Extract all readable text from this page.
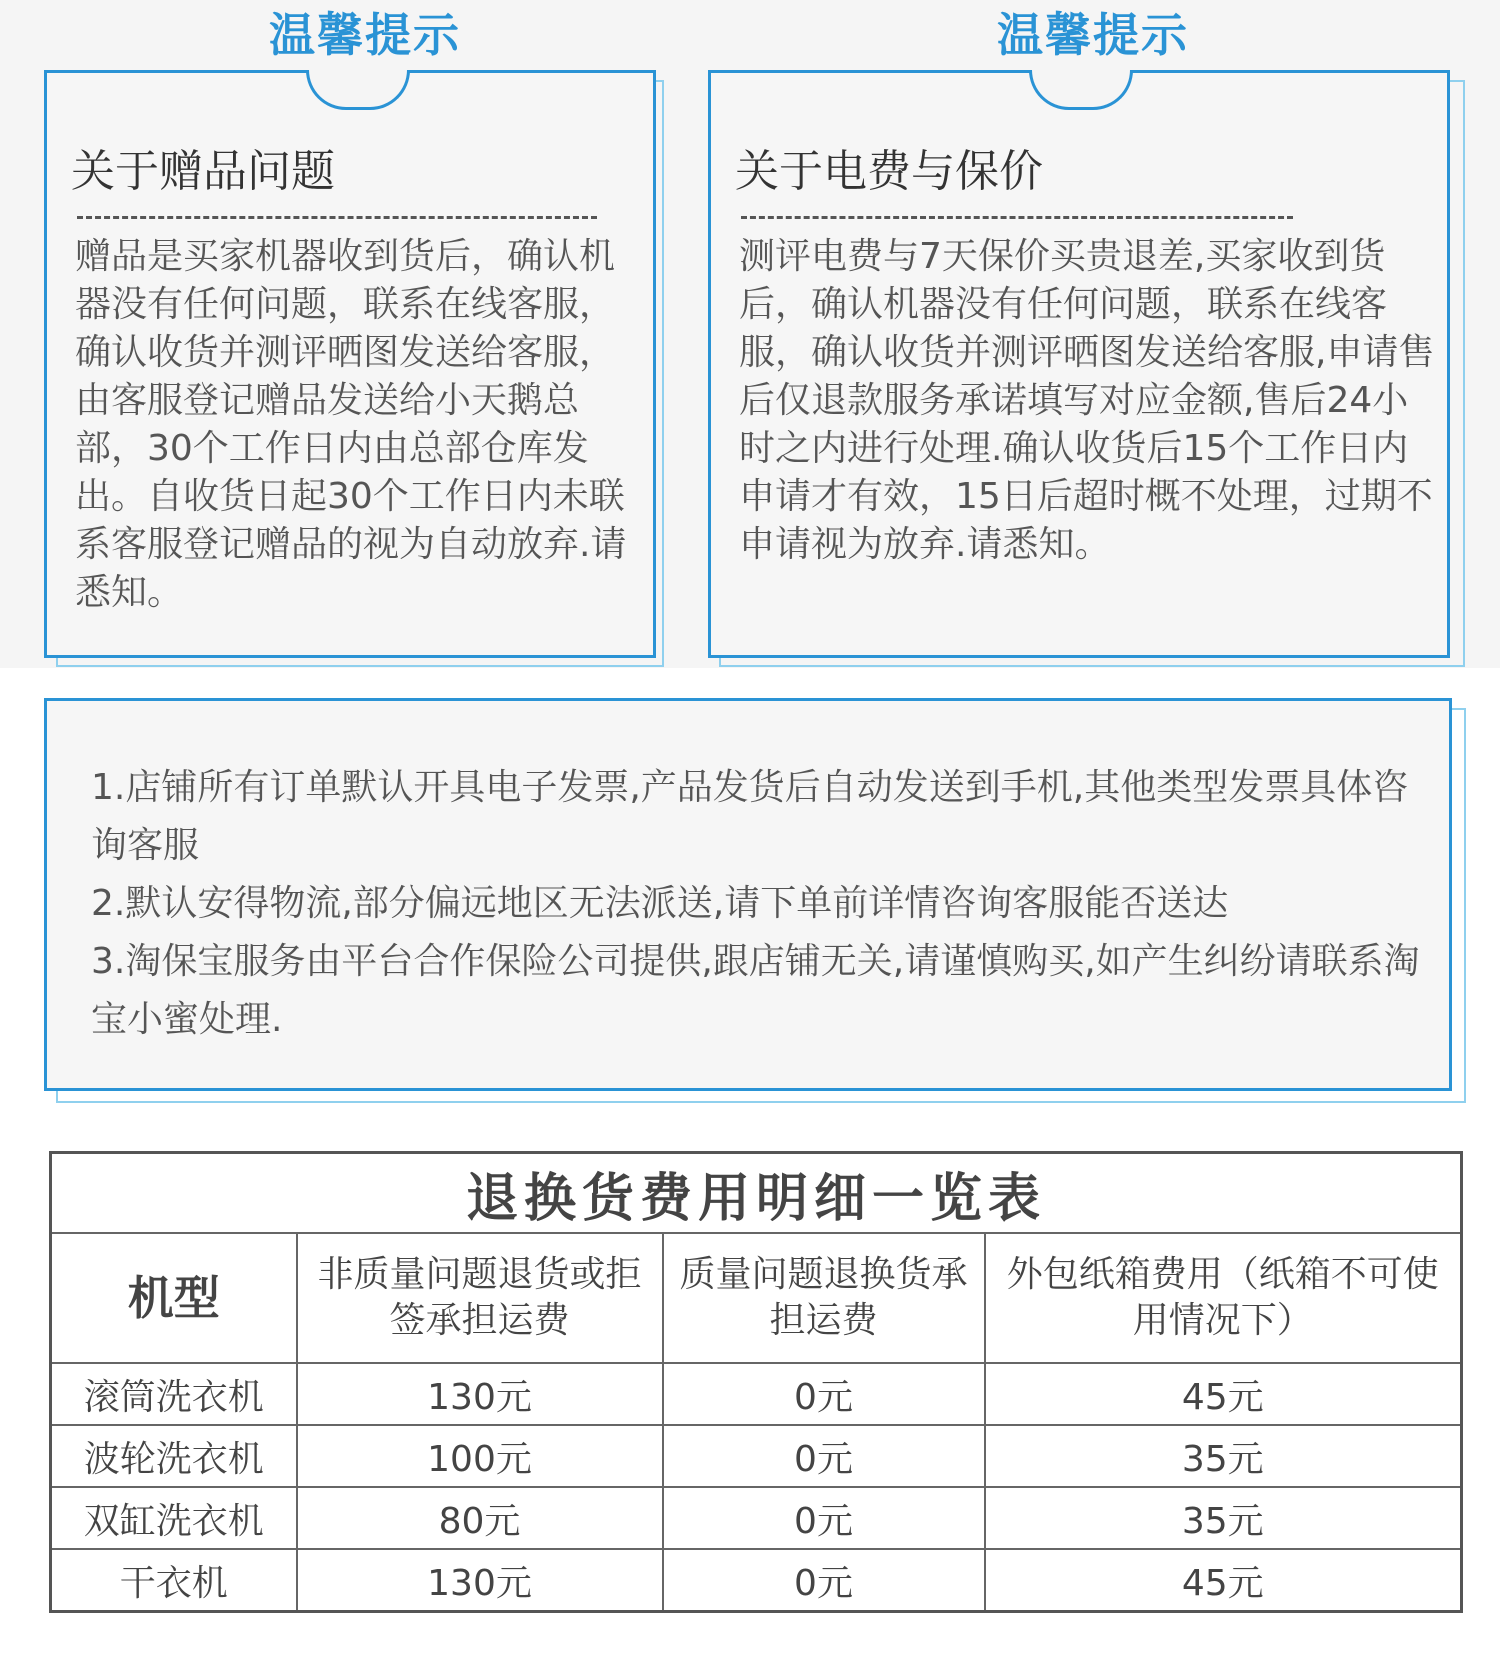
温馨提示
关于赠品问题
赠品是买家机器收到货后，确认机器没有任何问题，联系在线客服，确认收货并测评晒图发送给客服，由客服登记赠品发送给小天鹅总部，30个工作日内由总部仓库发出。自收货日起30个工作日内未联系客服登记赠品的视为自动放弃.请悉知。
温馨提示
关于电费与保价
测评电费与7天保价买贵退差,买家收到货后，确认机器没有任何问题，联系在线客服，确认收货并测评晒图发送给客服,申请售后仅退款服务承诺填写对应金额,售后24小时之内进行处理.确认收货后15个工作日内申请才有效，15日后超时概不处理，过期不申请视为放弃.请悉知。
1.店铺所有订单默认开具电子发票,产品发货后自动发送到手机,其他类型发票具体咨询客服
2.默认安得物流,部分偏远地区无法派送,请下单前详情咨询客服能否送达
3.淘保宝服务由平台合作保险公司提供,跟店铺无关,请谨慎购买,如产生纠纷请联系淘宝小蜜处理.
退换货费用明细一览表			
机型	非质量问题退货或拒签承担运费	质量问题退换货承担运费	外包纸箱费用（纸箱不可使用情况下）
滚筒洗衣机	130元	0元	45元
波轮洗衣机	100元	0元	35元
双缸洗衣机	80元	0元	35元
干衣机	130元	0元	45元
